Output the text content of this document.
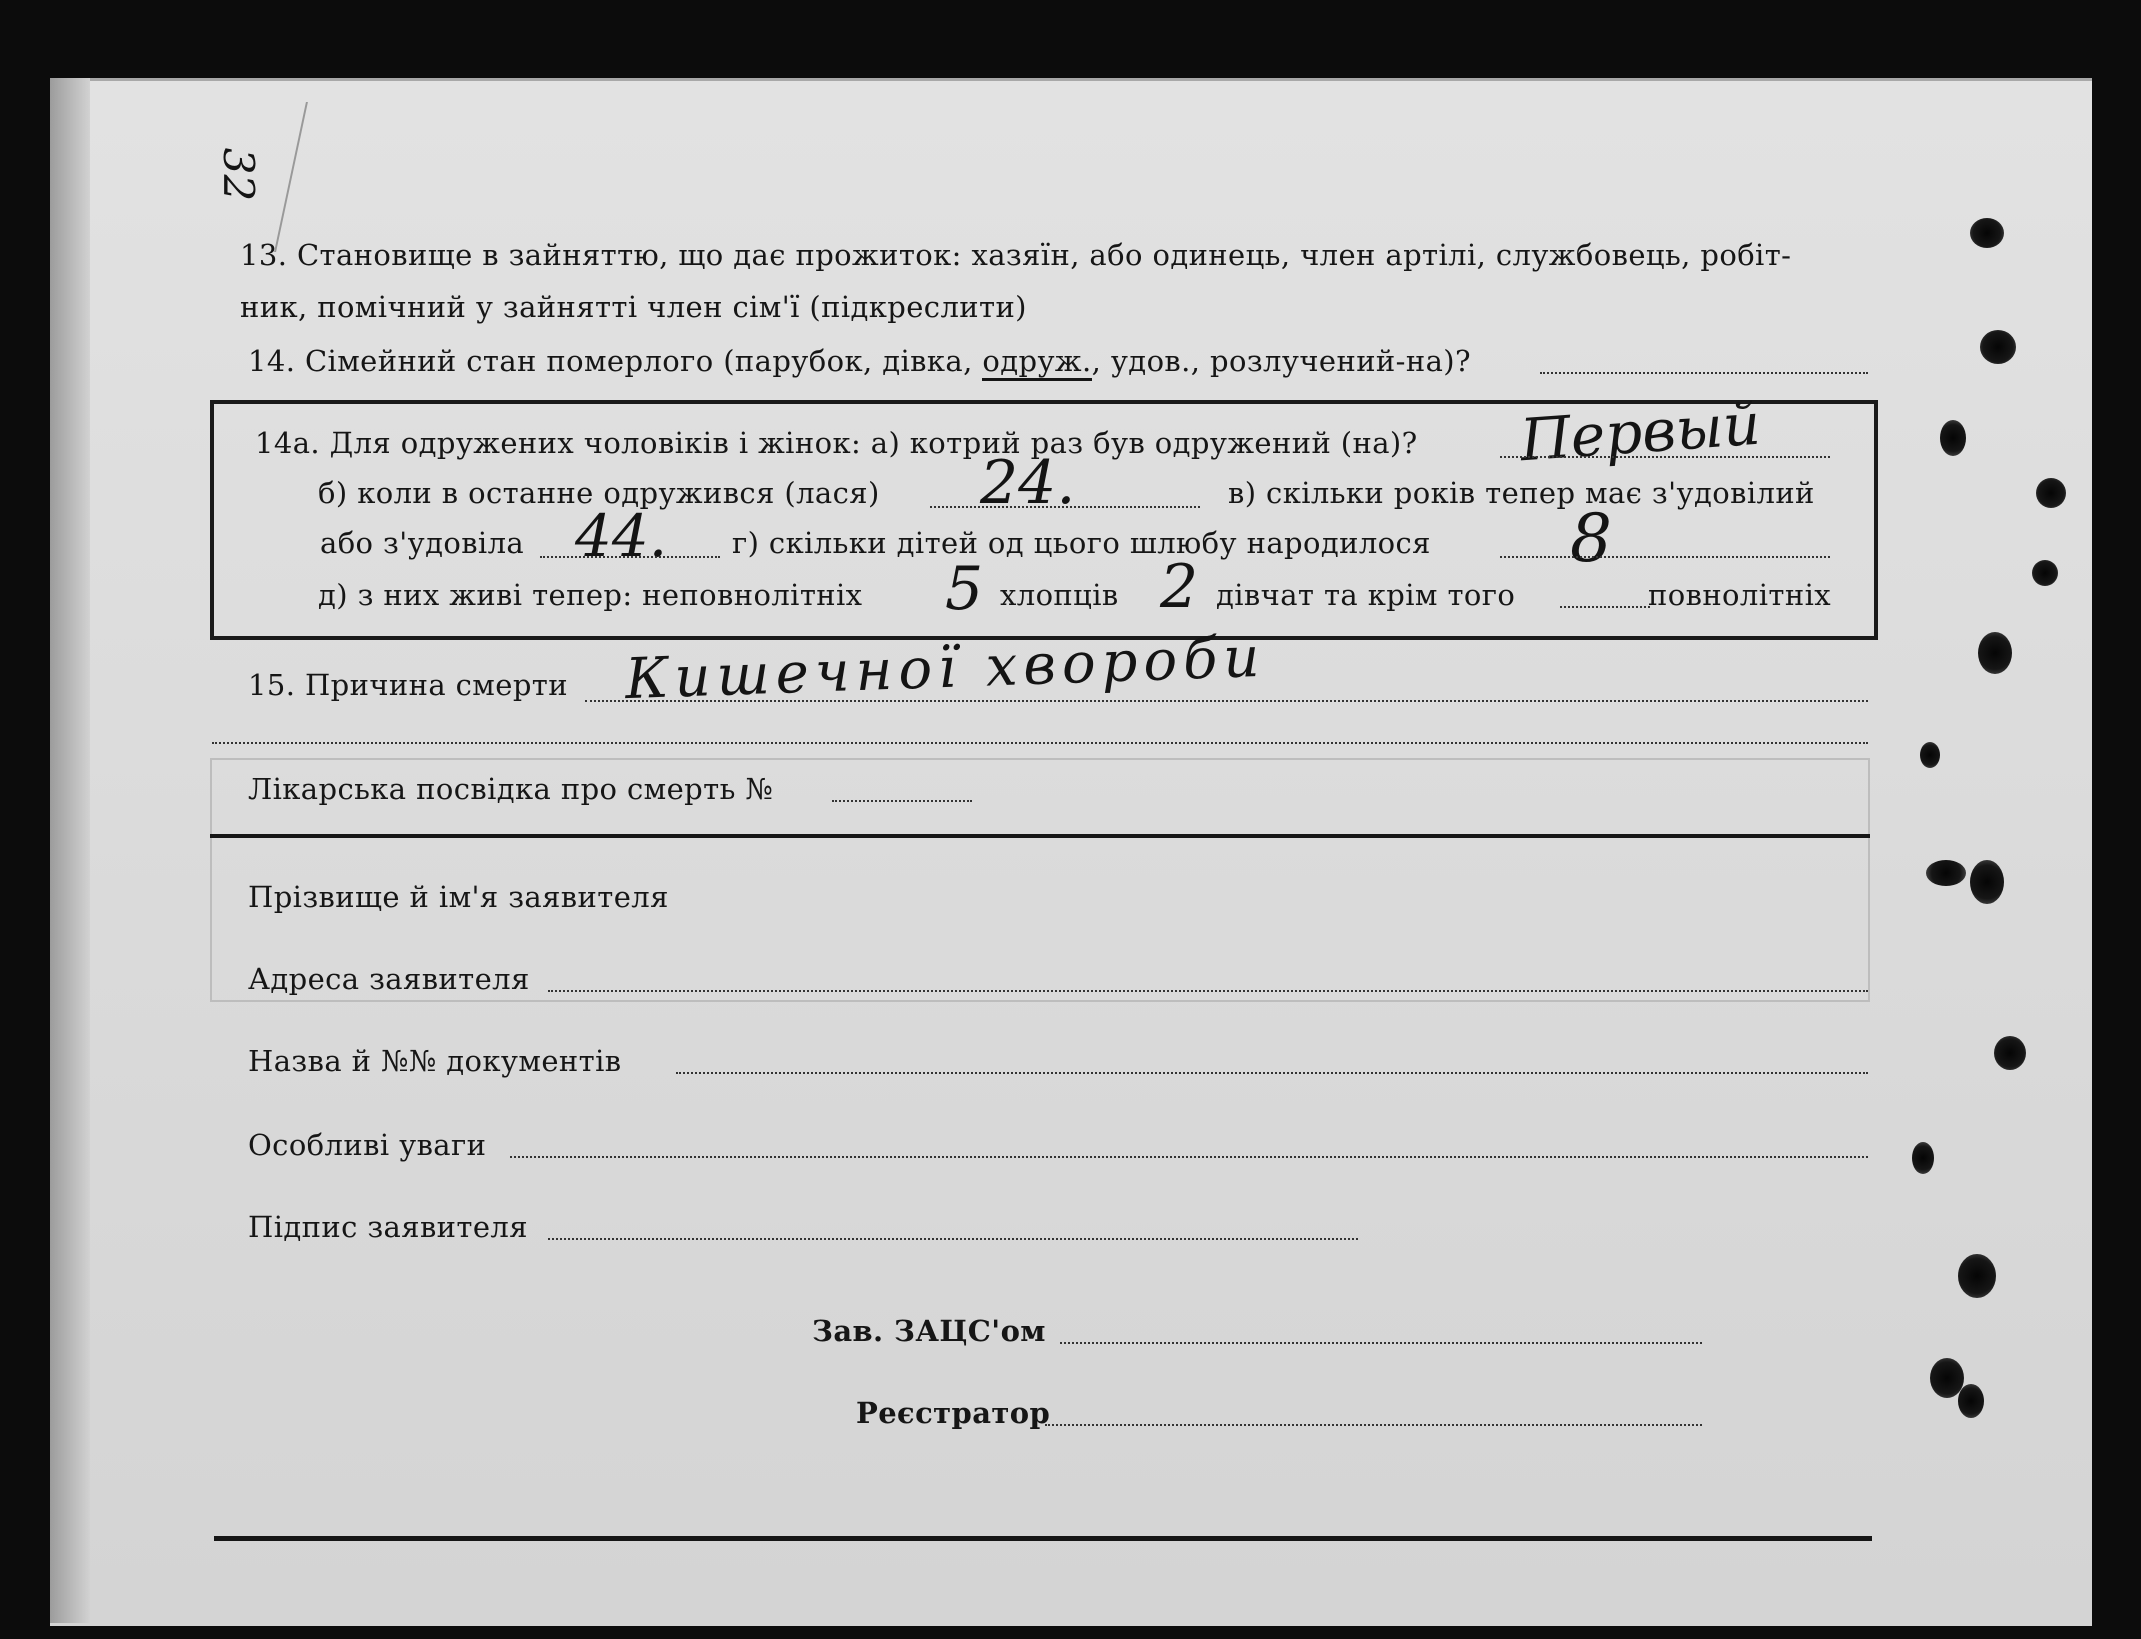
32
13. Становище в зайняттю, що дає прожиток: хазяїн, або одинець, член артілі, службовець, робіт-
ник, помічний у зайнятті член сім'ї (підкреслити)
14. Сімейний стан померлого (парубок, дівка, одруж., удов., розлучений-на)?
14а. Для одружених чоловіків і жінок: а) котрий раз був одружений (на)? Первый
б) коли в останне одружився (лася) 24.	в) скільки років тепер має з'удовілий
або з'удовіла 44. г) скільки дітей од цього шлюбу народилося 8
д) з них живі тепер: неповнолітніх 5 хлопців 2 дівчат та крім того	повнолітніх
15. Причина смерти Кишечної хвороби
Лікарська посвідка про смерть №
Прізвище й ім'я заявителя
Адреса заявителя
Назва й №№ документів
Особливі уваги
Підпис заявителя
Зав. ЗАЦС'ом
Реєстратор
